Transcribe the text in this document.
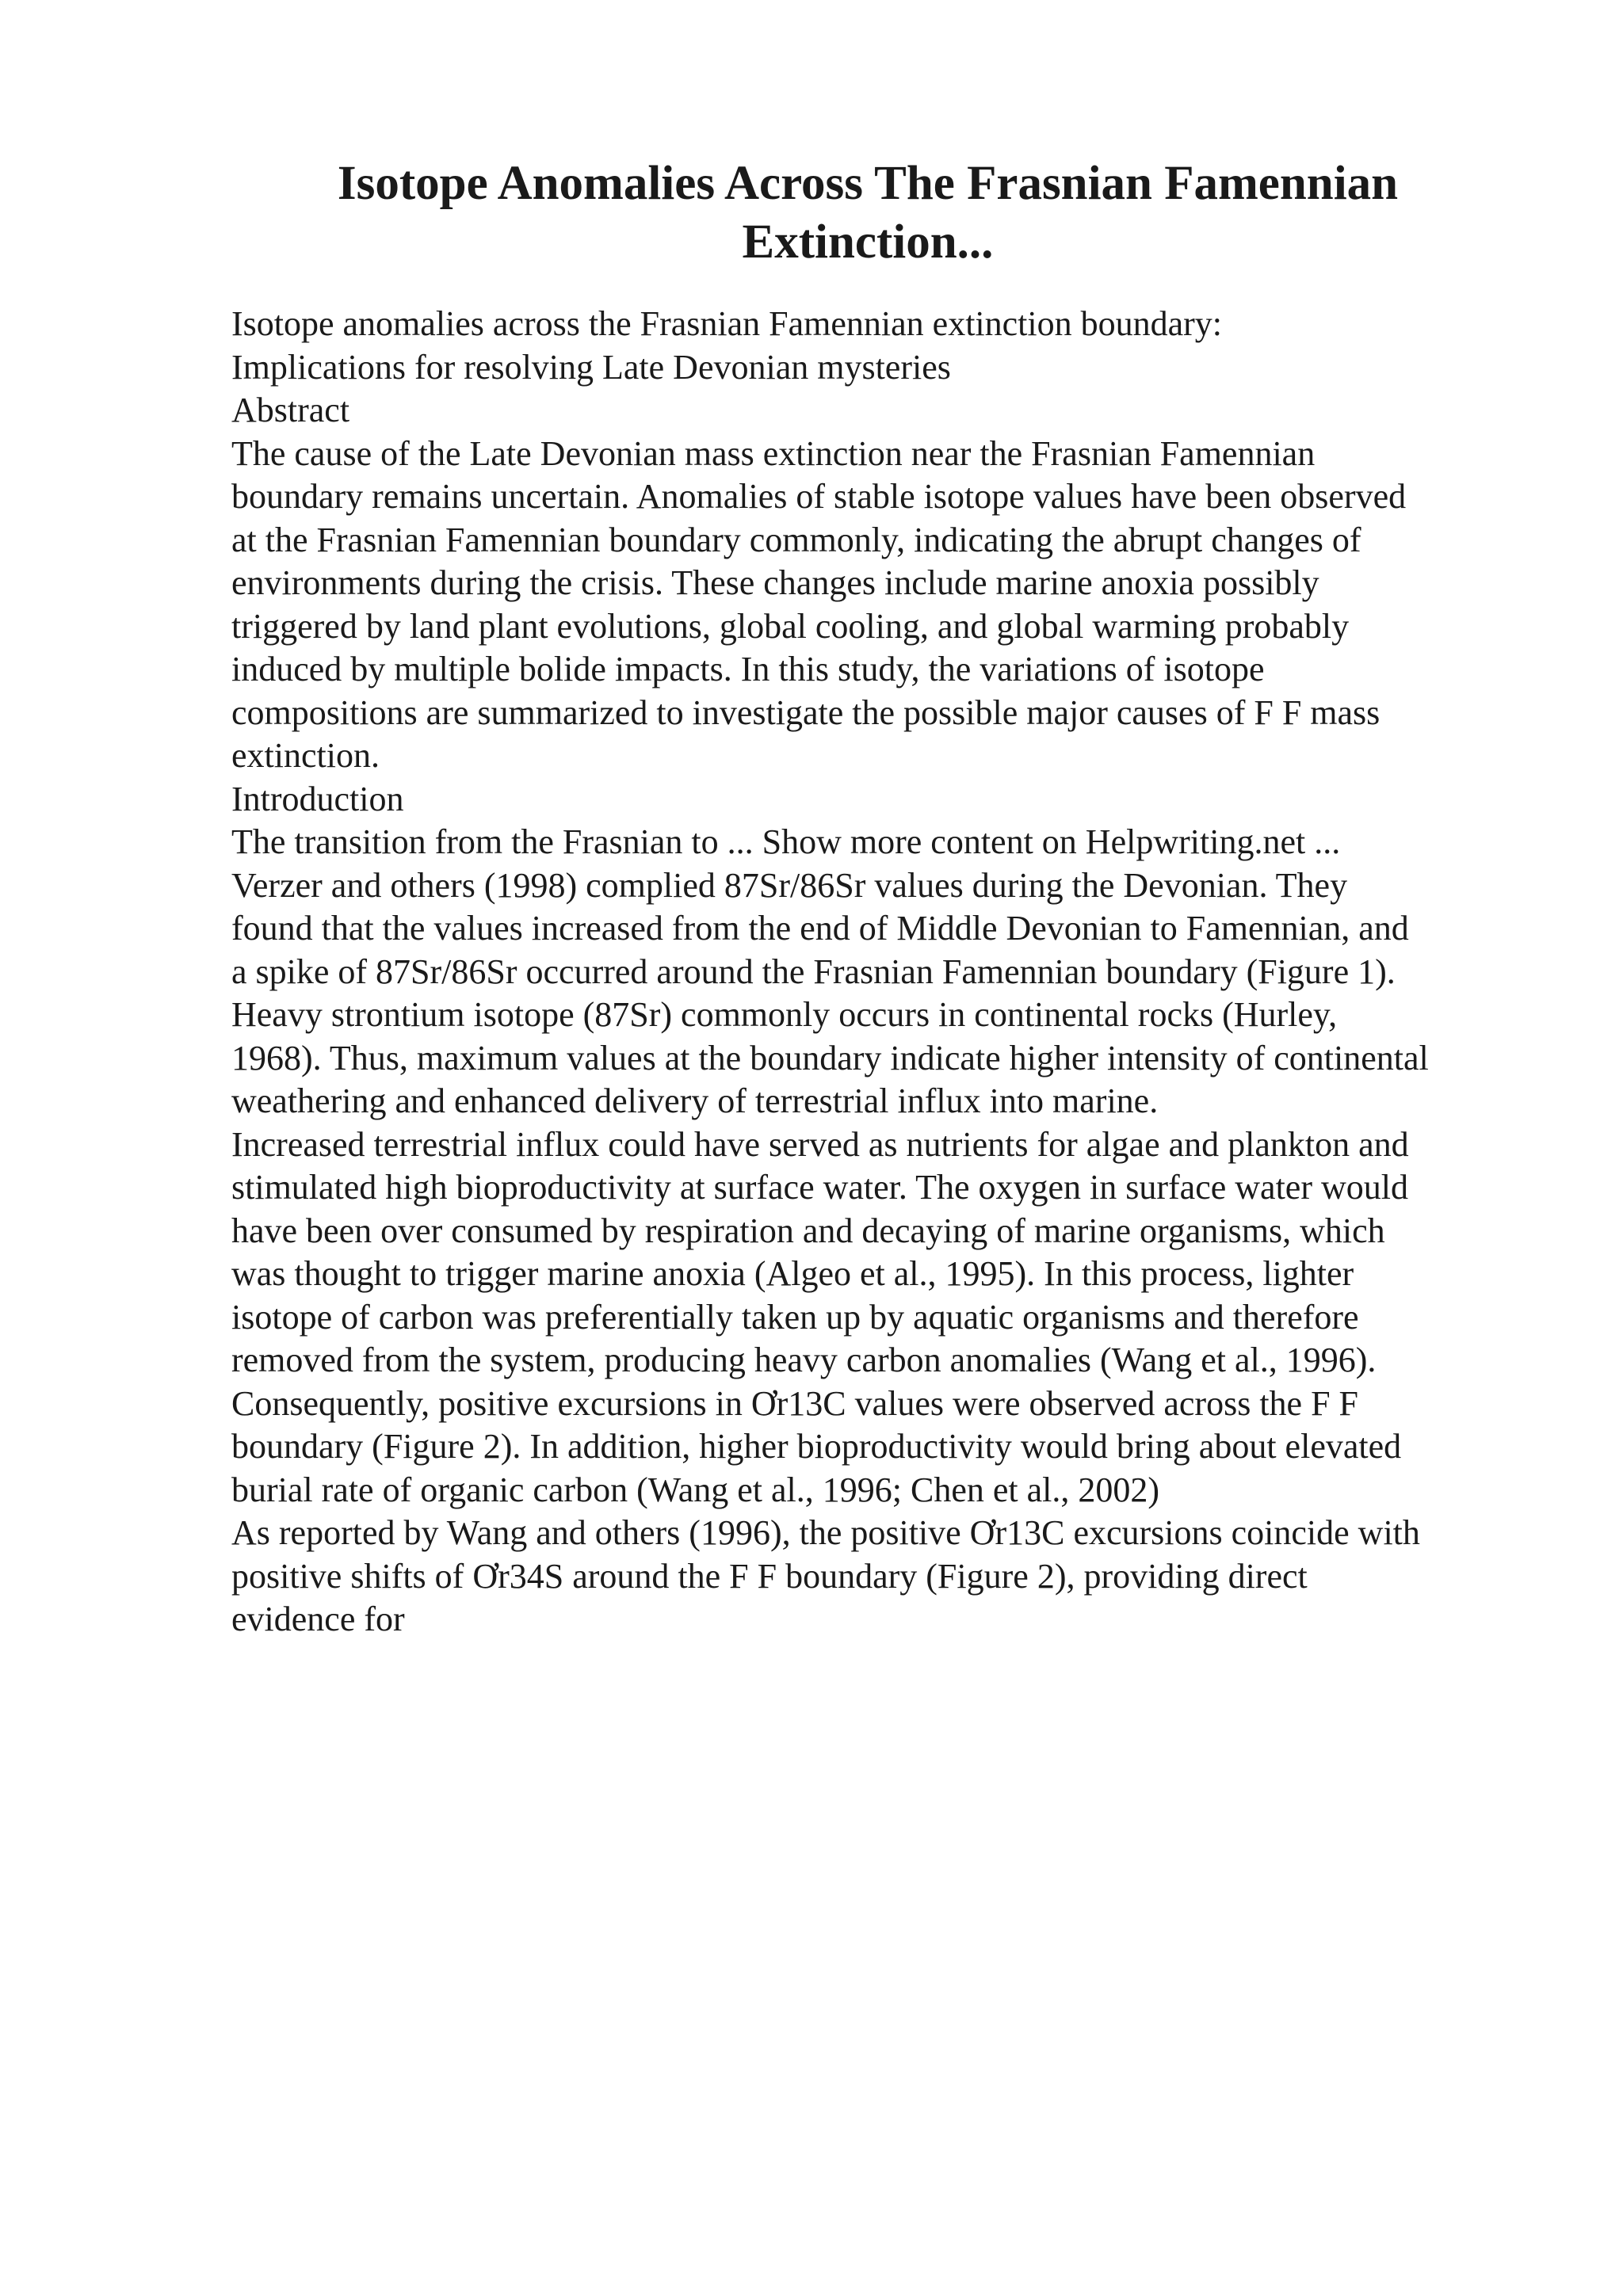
Isotope Anomalies Across The Frasnian Famennian Extinction...
Isotope anomalies across the Frasnian Famennian extinction boundary:
Implications for resolving Late Devonian mysteries
Abstract
The cause of the Late Devonian mass extinction near the Frasnian Famennian
boundary remains uncertain. Anomalies of stable isotope values have been observed
at the Frasnian Famennian boundary commonly, indicating the abrupt changes of
environments during the crisis. These changes include marine anoxia possibly
triggered by land plant evolutions, global cooling, and global warming probably
induced by multiple bolide impacts. In this study, the variations of isotope
compositions are summarized to investigate the possible major causes of F F mass
extinction.
Introduction
The transition from the Frasnian to ... Show more content on Helpwriting.net ...
Verzer and others (1998) complied 87Sr/86Sr values during the Devonian. They
found that the values increased from the end of Middle Devonian to Famennian, and
a spike of 87Sr/86Sr occurred around the Frasnian Famennian boundary (Figure 1).
Heavy strontium isotope (87Sr) commonly occurs in continental rocks (Hurley,
1968). Thus, maximum values at the boundary indicate higher intensity of continental
weathering and enhanced delivery of terrestrial influx into marine.
Increased terrestrial influx could have served as nutrients for algae and plankton and
stimulated high bioproductivity at surface water. The oxygen in surface water would
have been over consumed by respiration and decaying of marine organisms, which
was thought to trigger marine anoxia (Algeo et al., 1995). In this process, lighter
isotope of carbon was preferentially taken up by aquatic organisms and therefore
removed from the system, producing heavy carbon anomalies (Wang et al., 1996).
Consequently, positive excursions in Ơr13C values were observed across the F F
boundary (Figure 2). In addition, higher bioproductivity would bring about elevated
burial rate of organic carbon (Wang et al., 1996; Chen et al., 2002)
As reported by Wang and others (1996), the positive Ơr13C excursions coincide with
positive shifts of Ơr34S around the F F boundary (Figure 2), providing direct
evidence for
